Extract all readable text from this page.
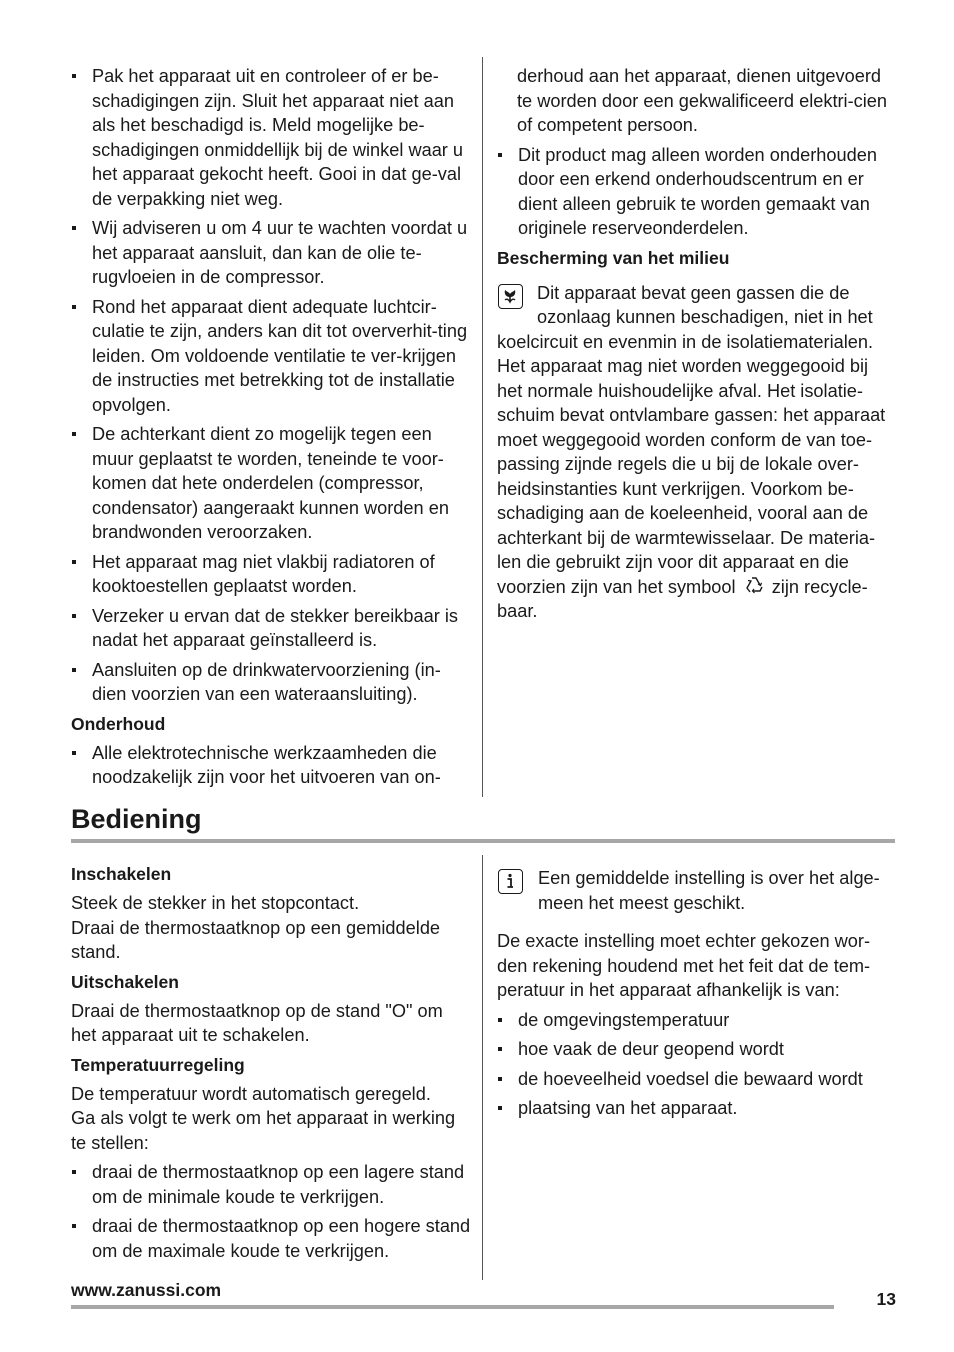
Pak het apparaat uit en controleer of er be-schadigingen zijn. Sluit het apparaat niet aan als het beschadigd is. Meld mogelijke be-schadigingen onmiddellijk bij de winkel waar u het apparaat gekocht heeft. Gooi in dat ge-val de verpakking niet weg.
Wij adviseren u om 4 uur te wachten voordat u het apparaat aansluit, dan kan de olie te-rugvloeien in de compressor.
Rond het apparaat dient adequate luchtcir-culatie te zijn, anders kan dit tot oververhit-ting leiden. Om voldoende ventilatie te ver-krijgen de instructies met betrekking tot de installatie opvolgen.
De achterkant dient zo mogelijk tegen een muur geplaatst te worden, teneinde te voor-komen dat hete onderdelen (compressor, condensator) aangeraakt kunnen worden en brandwonden veroorzaken.
Het apparaat mag niet vlakbij radiatoren of kooktoestellen geplaatst worden.
Verzeker u ervan dat de stekker bereikbaar is nadat het apparaat geïnstalleerd is.
Aansluiten op de drinkwatervoorziening (in-dien voorzien van een wateraansluiting).
Onderhoud
Alle elektrotechnische werkzaamheden die noodzakelijk zijn voor het uitvoeren van on-

derhoud aan het apparaat, dienen uitgevoerd te worden door een gekwalificeerd elektri-cien of competent persoon.

Dit product mag alleen worden onderhouden door een erkend onderhoudscentrum en er dient alleen gebruik te worden gemaakt van originele reserveonderdelen.
Bescherming van het milieu
Dit apparaat bevat geen gassen die de ozonlaag kunnen beschadigen, niet in het koelcircuit en evenmin in de isolatiematerialen. Het apparaat mag niet worden weggegooid bij het normale huishoudelijke afval. Het isolatie-schuim bevat ontvlambare gassen: het apparaat moet weggegooid worden conform de van toe-passing zijnde regels die u bij de lokale over-heidsinstanties kunt verkrijgen. Voorkom be-schadiging aan de koeleenheid, vooral aan de achterkant bij de warmtewisselaar. De materia-len die gebruikt zijn voor dit apparaat en die voorzien zijn van het symbool zijn recycle-baar.
Bediening
Inschakelen

Steek de stekker in het stopcontact.

Draai de thermostaatknop op een gemiddelde stand.

Uitschakelen

Draai de thermostaatknop op de stand "O" om het apparaat uit te schakelen.

Temperatuurregeling

De temperatuur wordt automatisch geregeld.

Ga als volgt te werk om het apparaat in werking te stellen:

draai de thermostaatknop op een lagere stand om de minimale koude te verkrijgen.
draai de thermostaatknop op een hogere stand om de maximale koude te verkrijgen.
Een gemiddelde instelling is over het alge-meen het meest geschikt.

De exacte instelling moet echter gekozen wor-den rekening houdend met het feit dat de tem-peratuur in het apparaat afhankelijk is van:

de omgevingstemperatuur
hoe vaak de deur geopend wordt
de hoeveelheid voedsel die bewaard wordt
plaatsing van het apparaat.
www.zanussi.com	13
